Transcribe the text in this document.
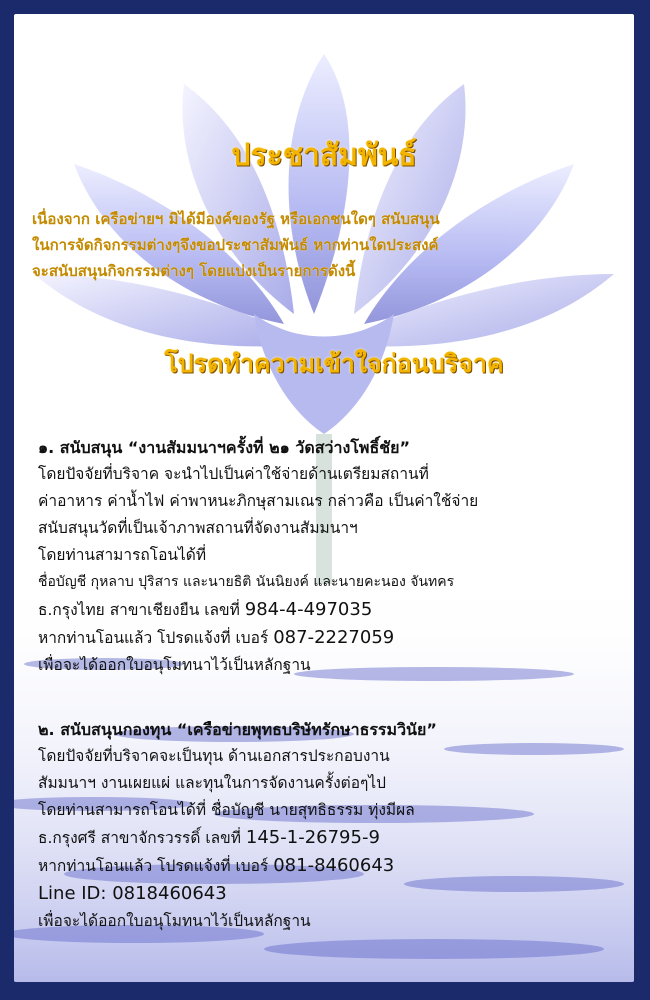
ประชาสัมพันธ์
เนื่องจาก เครือข่ายฯ มิได้มีองค์ของรัฐ หรือเอกชนใดๆ สนับสนุน
ในการจัดกิจกรรมต่างๆจึงขอประชาสัมพันธ์ หากท่านใดประสงค์
จะสนับสนุนกิจกรรมต่างๆ โดยแบ่งเป็นรายการดังนี้
โปรดทำความเข้าใจก่อนบริจาค
๑. สนับสนุน “งานสัมมนาฯครั้งที่ ๒๑ วัดสว่างโพธิ์ชัย”
โดยปัจจัยที่บริจาค จะนำไปเป็นค่าใช้จ่ายด้านเตรียมสถานที่
ค่าอาหาร ค่าน้ำไฟ ค่าพาหนะภิกษุสามเณร กล่าวคือ เป็นค่าใช้จ่าย
สนับสนุนวัดที่เป็นเจ้าภาพสถานที่จัดงานสัมมนาฯ
โดยท่านสามารถโอนได้ที่
ชื่อบัญชี กุหลาบ ปุริสาร และนายธิติ นันนิยงค์ และนายคะนอง จันทคร
ธ.กรุงไทย สาขาเชียงยืน เลขที่ 984-4-497035
หากท่านโอนแล้ว โปรดแจ้งที่ เบอร์ 087-2227059
เพื่อจะได้ออกใบอนุโมทนาไว้เป็นหลักฐาน
๒. สนับสนุนกองทุน “เครือข่ายพุทธบริษัทรักษาธรรมวินัย”
โดยปัจจัยที่บริจาคจะเป็นทุน ด้านเอกสารประกอบงาน
สัมมนาฯ งานเผยแผ่ และทุนในการจัดงานครั้งต่อๆไป
โดยท่านสามารถโอนได้ที่ ชื่อบัญชี นายสุทธิธรรม ทุ่งมีผล
ธ.กรุงศรี สาขาจักรวรรดิ์ เลขที่ 145-1-26795-9
หากท่านโอนแล้ว โปรดแจ้งที่ เบอร์ 081-8460643
Line ID: 0818460643
เพื่อจะได้ออกใบอนุโมทนาไว้เป็นหลักฐาน
